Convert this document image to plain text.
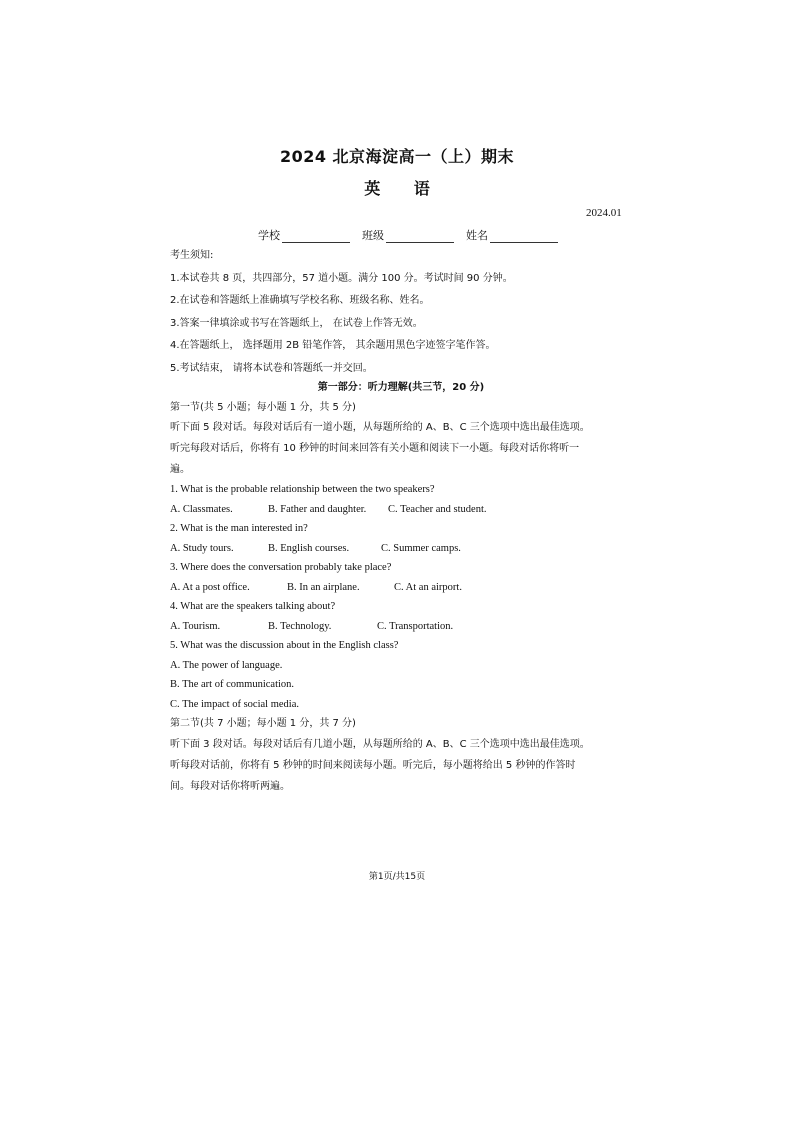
2024 北京海淀高一（上）期末
英 语
2024.01
学校	班级	姓名
考生须知:
1.本试卷共 8 页，共四部分，57 道小题。满分 100 分。考试时间 90 分钟。
2.在试卷和答题纸上准确填写学校名称、班级名称、姓名。
3.答案一律填涂或书写在答题纸上， 在试卷上作答无效。
4.在答题纸上， 选择题用 2B 铅笔作答， 其余题用黑色字迹签字笔作答。
5.考试结束， 请将本试卷和答题纸一并交回。
第一部分：听力理解(共三节，20 分)
第一节(共 5 小题；每小题 1 分，共 5 分)
听下面 5 段对话。每段对话后有一道小题，从每题所给的 A、B、C 三个选项中选出最佳选项。
听完每段对话后，你将有 10 秒钟的时间来回答有关小题和阅读下一小题。每段对话你将听一
遍。
1. What is the probable relationship between the two speakers?
A. Classmates.	B. Father and daughter.	C. Teacher and student.
2. What is the man interested in?
A. Study tours.	B. English courses.	C. Summer camps.
3. Where does the conversation probably take place?
A. At a post office.	B. In an airplane.	C. At an airport.
4. What are the speakers talking about?
A. Tourism.	B. Technology.	C. Transportation.
5. What was the discussion about in the English class?
A. The power of language.
B. The art of communication.
C. The impact of social media.
第二节(共 7 小题；每小题 1 分，共 7 分)
听下面 3 段对话。每段对话后有几道小题，从每题所给的 A、B、C 三个选项中选出最佳选项。
听每段对话前，你将有 5 秒钟的时间来阅读每小题。听完后，每小题将给出 5 秒钟的作答时
间。每段对话你将听两遍。
第1页/共15页
